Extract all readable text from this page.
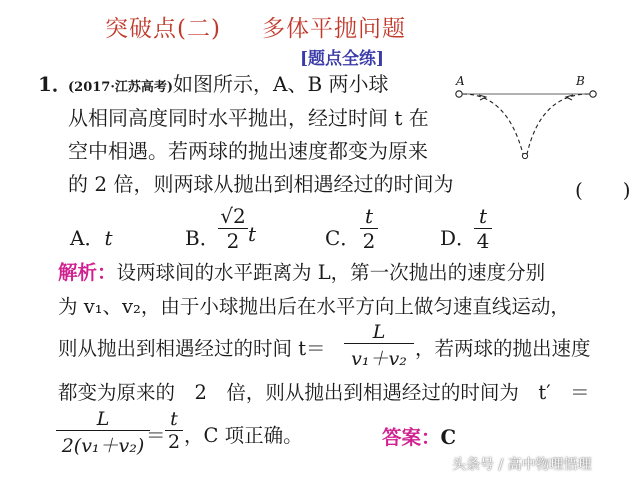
突破点(二) 多体平抛问题
[题点全练]
1．
(2017·江苏高考)如图所示，A、B 两小球
从相同高度同时水平抛出，经过时间 t 在
空中相遇。若两球的抛出速度都变为原来
的 2 倍，则两球从抛出到相遇经过的时间为	(　　)
A	B
A．t	B．
√2
2 t	C．
t
2	D．
t
4
解析：设两球间的水平距离为 L，第一次抛出的速度分别
为 v₁、v₂，由于小球抛出后在水平方向上做匀速直线运动，
则从抛出到相遇经过的时间 t＝
L
v₁＋v₂ ，若两球的抛出速度
都变为原来的　2　倍，则从抛出到相遇经过的时间为　t′　＝
L
2(v₁＋v₂) ＝
t
2 ，C 项正确。	答案：C
头条号 / 高中物理悟理
